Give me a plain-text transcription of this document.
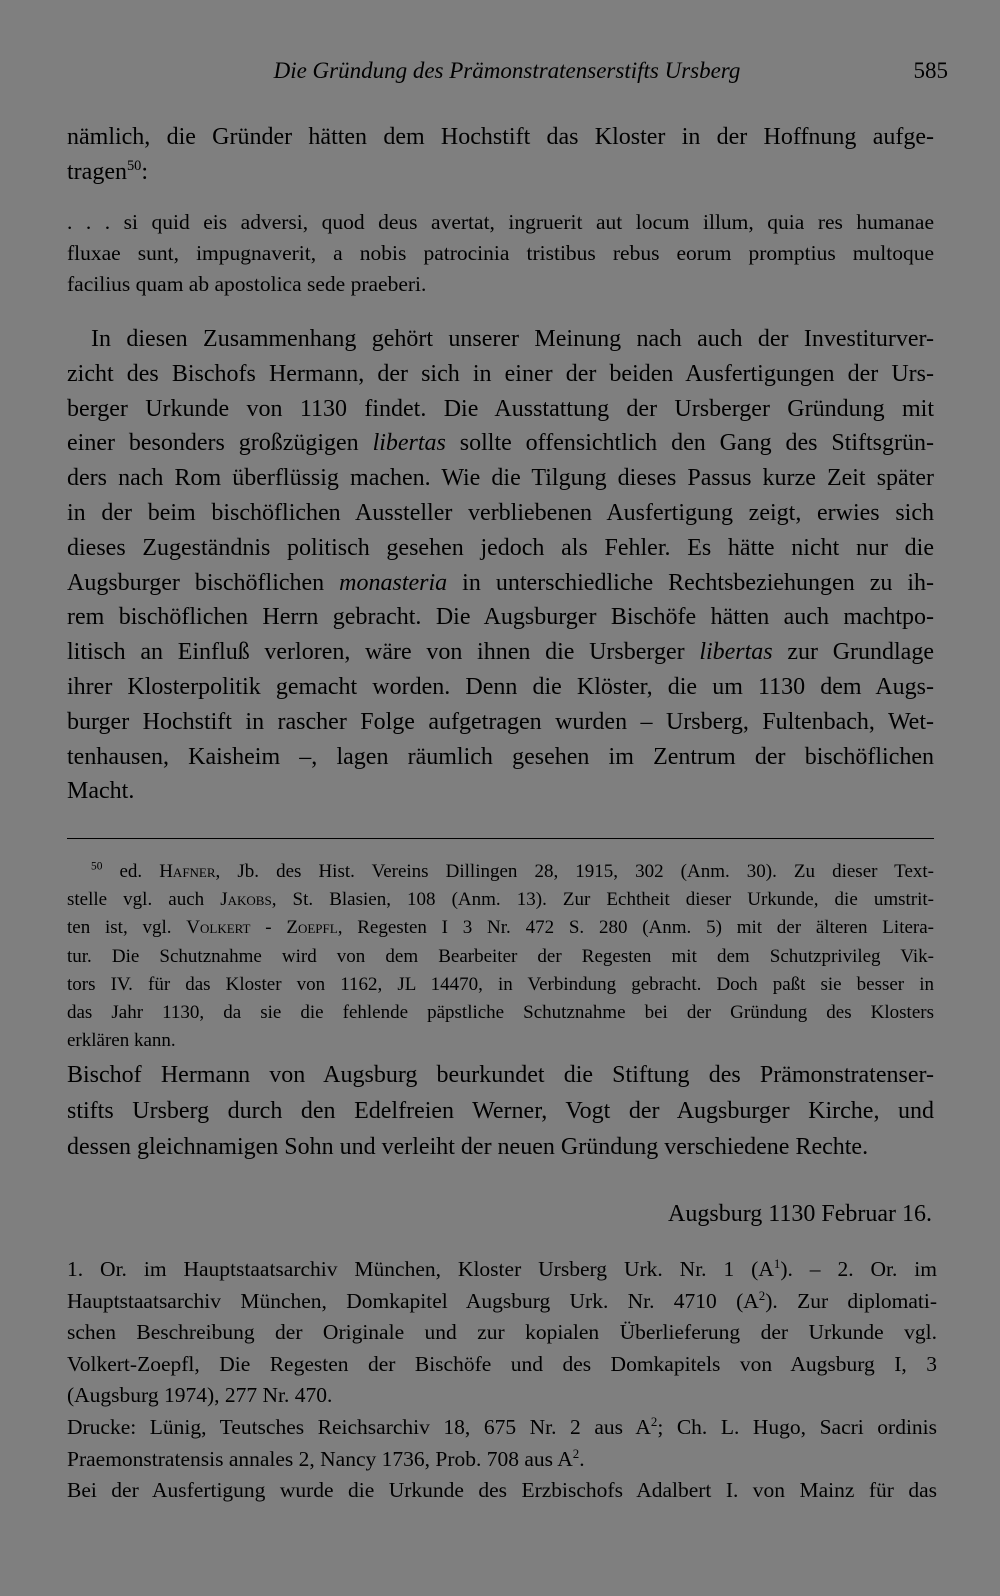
Die Gründung des Prämonstratenserstifts Ursberg	585
nämlich, die Gründer hätten dem Hochstift das Kloster in der Hoffnung aufge-
tragen$^{50}$:
. . . si quid eis adversi, quod deus avertat, ingruerit aut locum illum, quia res humanae
fluxae sunt, impugnaverit, a nobis patrocinia tristibus rebus eorum promptius multoque
facilius quam ab apostolica sede praeberi.
In diesen Zusammenhang gehört unserer Meinung nach auch der Investiturver-
zicht des Bischofs Hermann, der sich in einer der beiden Ausfertigungen der Urs-
berger Urkunde von 1130 findet. Die Ausstattung der Ursberger Gründung mit
einer besonders großzügigen libertas sollte offensichtlich den Gang des Stiftsgrün-
ders nach Rom überflüssig machen. Wie die Tilgung dieses Passus kurze Zeit später
in der beim bischöflichen Aussteller verbliebenen Ausfertigung zeigt, erwies sich
dieses Zugeständnis politisch gesehen jedoch als Fehler. Es hätte nicht nur die
Augsburger bischöflichen monasteria in unterschiedliche Rechtsbeziehungen zu ih-
rem bischöflichen Herrn gebracht. Die Augsburger Bischöfe hätten auch machtpo-
litisch an Einfluß verloren, wäre von ihnen die Ursberger libertas zur Grundlage
ihrer Klosterpolitik gemacht worden. Denn die Klöster, die um 1130 dem Augs-
burger Hochstift in rascher Folge aufgetragen wurden – Ursberg, Fultenbach, Wet-
tenhausen, Kaisheim –, lagen räumlich gesehen im Zentrum der bischöflichen
Macht.
$^{50}$ ed. Hafner, Jb. des Hist. Vereins Dillingen 28, 1915, 302 (Anm. 30). Zu dieser Text-
stelle vgl. auch Jakobs, St. Blasien, 108 (Anm. 13). Zur Echtheit dieser Urkunde, die umstrit-
ten ist, vgl. Volkert - Zoepfl, Regesten I 3 Nr. 472 S. 280 (Anm. 5) mit der älteren Litera-
tur. Die Schutznahme wird von dem Bearbeiter der Regesten mit dem Schutzprivileg Vik-
tors IV. für das Kloster von 1162, JL 14470, in Verbindung gebracht. Doch paßt sie besser in
das Jahr 1130, da sie die fehlende päpstliche Schutznahme bei der Gründung des Klosters
erklären kann.
Bischof Hermann von Augsburg beurkundet die Stiftung des Prämonstratenser-
stifts Ursberg durch den Edelfreien Werner, Vogt der Augsburger Kirche, und
dessen gleichnamigen Sohn und verleiht der neuen Gründung verschiedene Rechte.
Augsburg 1130 Februar 16.
1. Or. im Hauptstaatsarchiv München, Kloster Ursberg Urk. Nr. 1 $(A^1)$. – 2. Or. im
Hauptstaatsarchiv München, Domkapitel Augsburg Urk. Nr. 4710 $(A^2)$. Zur diplomati-
schen Beschreibung der Originale und zur kopialen Überlieferung der Urkunde vgl.
Volkert-Zoepfl, Die Regesten der Bischöfe und des Domkapitels von Augsburg I, 3
(Augsburg 1974), 277 Nr. 470.
Drucke: Lünig, Teutsches Reichsarchiv 18, 675 Nr. 2 aus $A^2$; Ch. L. Hugo, Sacri ordinis
Praemonstratensis annales 2, Nancy 1736, Prob. 708 aus $A^2$.
Bei der Ausfertigung wurde die Urkunde des Erzbischofs Adalbert I. von Mainz für das
